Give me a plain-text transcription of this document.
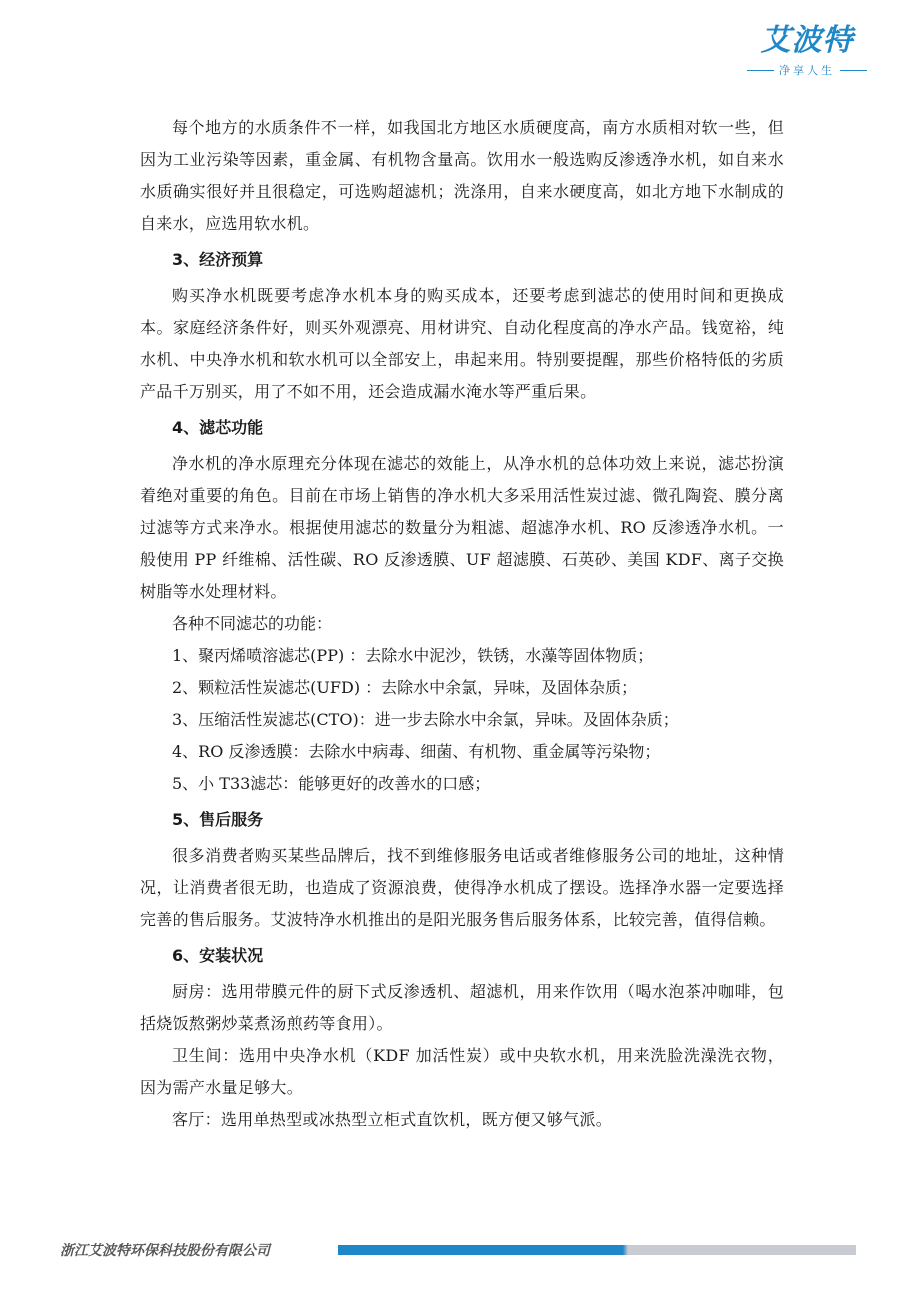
艾波特
净享人生

每个地方的水质条件不一样，如我国北方地区水质硬度高，南方水质相对软一些，但因为工业污染等因素，重金属、有机物含量高。饮用水一般选购反渗透净水机，如自来水水质确实很好并且很稳定，可选购超滤机；洗涤用，自来水硬度高，如北方地下水制成的自来水，应选用软水机。

3、经济预算

购买净水机既要考虑净水机本身的购买成本，还要考虑到滤芯的使用时间和更换成本。家庭经济条件好，则买外观漂亮、用材讲究、自动化程度高的净水产品。钱宽裕，纯水机、中央净水机和软水机可以全部安上，串起来用。特别要提醒，那些价格特低的劣质产品千万别买，用了不如不用，还会造成漏水淹水等严重后果。

4、滤芯功能

净水机的净水原理充分体现在滤芯的效能上，从净水机的总体功效上来说，滤芯扮演着绝对重要的角色。目前在市场上销售的净水机大多采用活性炭过滤、微孔陶瓷、膜分离过滤等方式来净水。根据使用滤芯的数量分为粗滤、超滤净水机、RO 反渗透净水机。一般使用 PP 纤维棉、活性碳、RO 反渗透膜、UF 超滤膜、石英砂、美国 KDF、离子交换树脂等水处理材料。

各种不同滤芯的功能：

1、聚丙烯喷溶滤芯(PP) ：去除水中泥沙，铁锈，水藻等固体物质；

2、颗粒活性炭滤芯(UFD) ：去除水中余氯，异味，及固体杂质；

3、压缩活性炭滤芯(CTO)：进一步去除水中余氯，异味。及固体杂质；

4、RO 反渗透膜：去除水中病毒、细菌、有机物、重金属等污染物；

5、小 T33滤芯：能够更好的改善水的口感；

5、售后服务

很多消费者购买某些品牌后，找不到维修服务电话或者维修服务公司的地址，这种情况，让消费者很无助，也造成了资源浪费，使得净水机成了摆设。选择净水器一定要选择完善的售后服务。艾波特净水机推出的是阳光服务售后服务体系，比较完善，值得信赖。

6、安装状况

厨房：选用带膜元件的厨下式反渗透机、超滤机，用来作饮用（喝水泡茶冲咖啡，包括烧饭熬粥炒菜煮汤煎药等食用）。

卫生间：选用中央净水机（KDF 加活性炭）或中央软水机，用来洗脸洗澡洗衣物，因为需产水量足够大。

客厅：选用单热型或冰热型立柜式直饮机，既方便又够气派。

浙江艾波特环保科技股份有限公司
